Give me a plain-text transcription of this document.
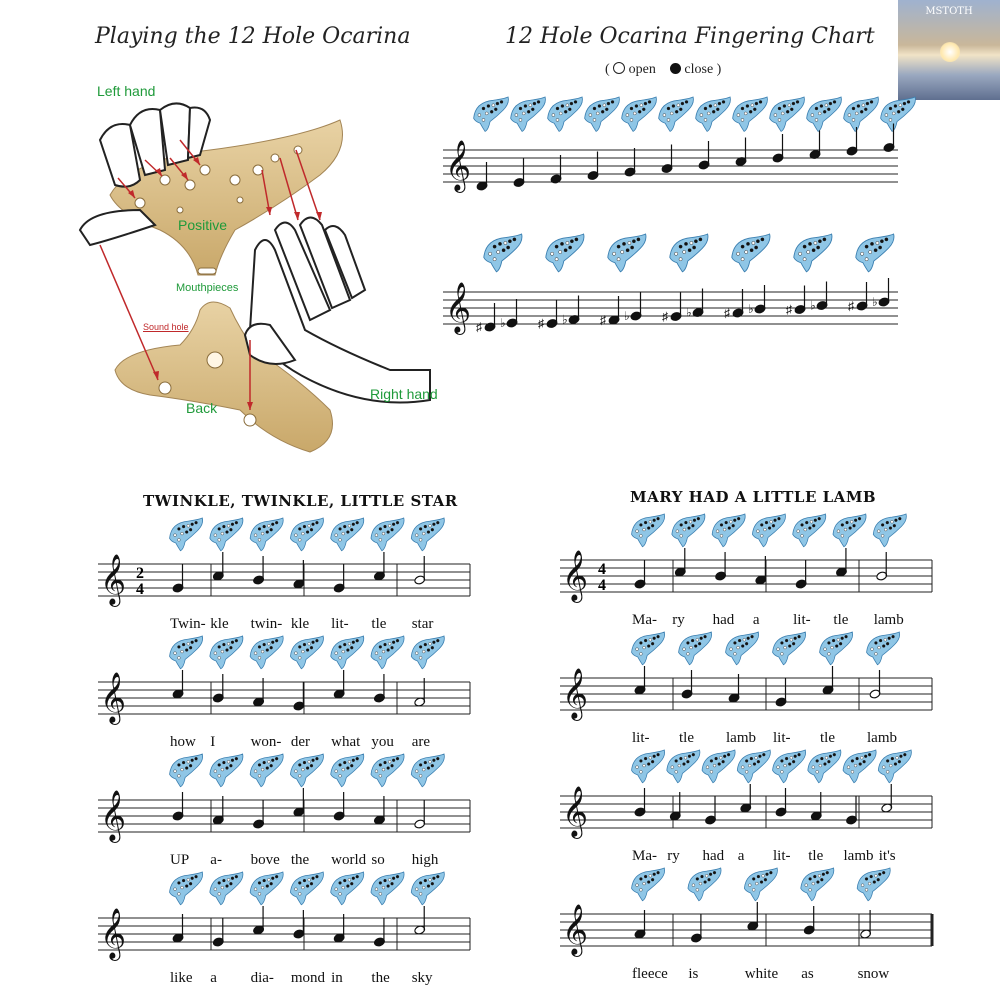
Playing the 12 Hole Ocarina	12 Hole Ocarina Fingering Chart
( open close )
MSTOTH
Left hand
Positive
Mouthpieces
Sound hole
Back
Right hand
𝄞
𝄞 ♯ ♭	♯ ♭	♯ ♭	♯ ♭	♯ ♭	♯ ♭	♯ ♭
TWINKLE, TWINKLE, LITTLE STAR
𝄞 2
4
Twin- kle twin- kle lit- tle star
𝄞
how I won- der what you are
𝄞
UP a- bove the world so high
𝄞
like a dia- mond in the sky
MARY HAD A LITTLE LAMB
𝄞 4
4
Ma- ry had a lit- tle lamb
𝄞
lit- tle lamb lit- tle lamb
𝄞
Ma- ry had a lit- tle lamb it's
𝄞
fleece is	white as	snow
